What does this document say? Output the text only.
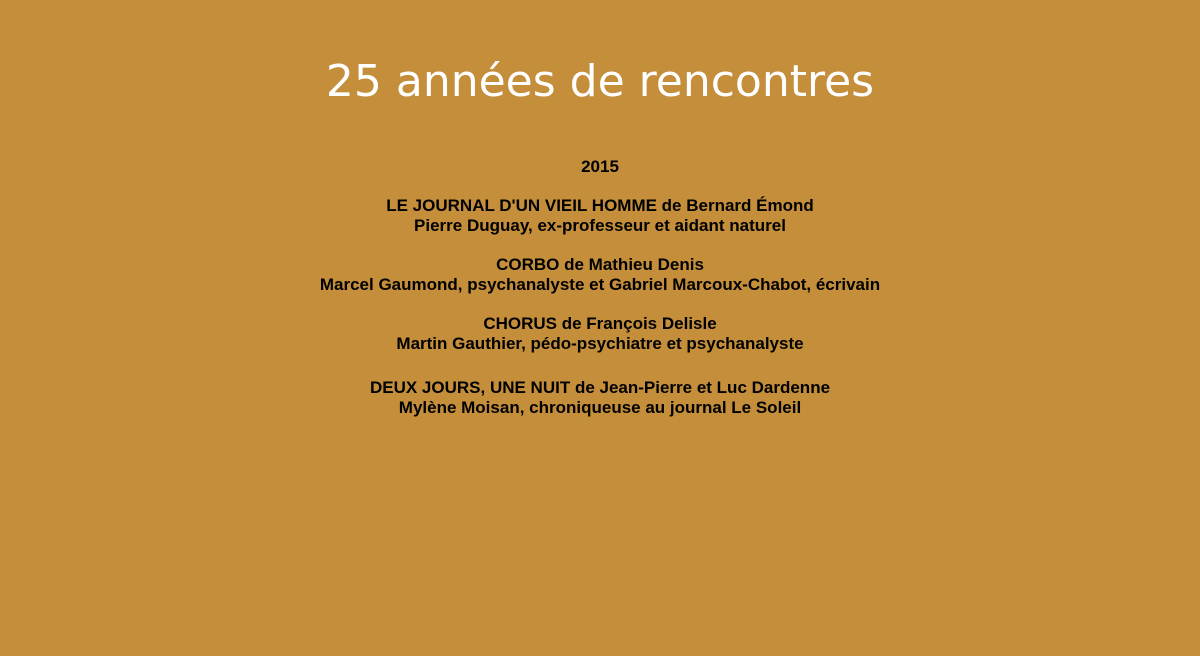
25 années de rencontres
2015
LE JOURNAL D'UN VIEIL HOMME de Bernard Émond
Pierre Duguay, ex-professeur et aidant naturel
CORBO de Mathieu Denis
Marcel Gaumond, psychanalyste et Gabriel Marcoux-Chabot, écrivain
CHORUS de François Delisle
Martin Gauthier, pédo-psychiatre et psychanalyste
DEUX JOURS, UNE NUIT de Jean-Pierre et Luc Dardenne
Mylène Moisan, chroniqueuse au journal Le Soleil
